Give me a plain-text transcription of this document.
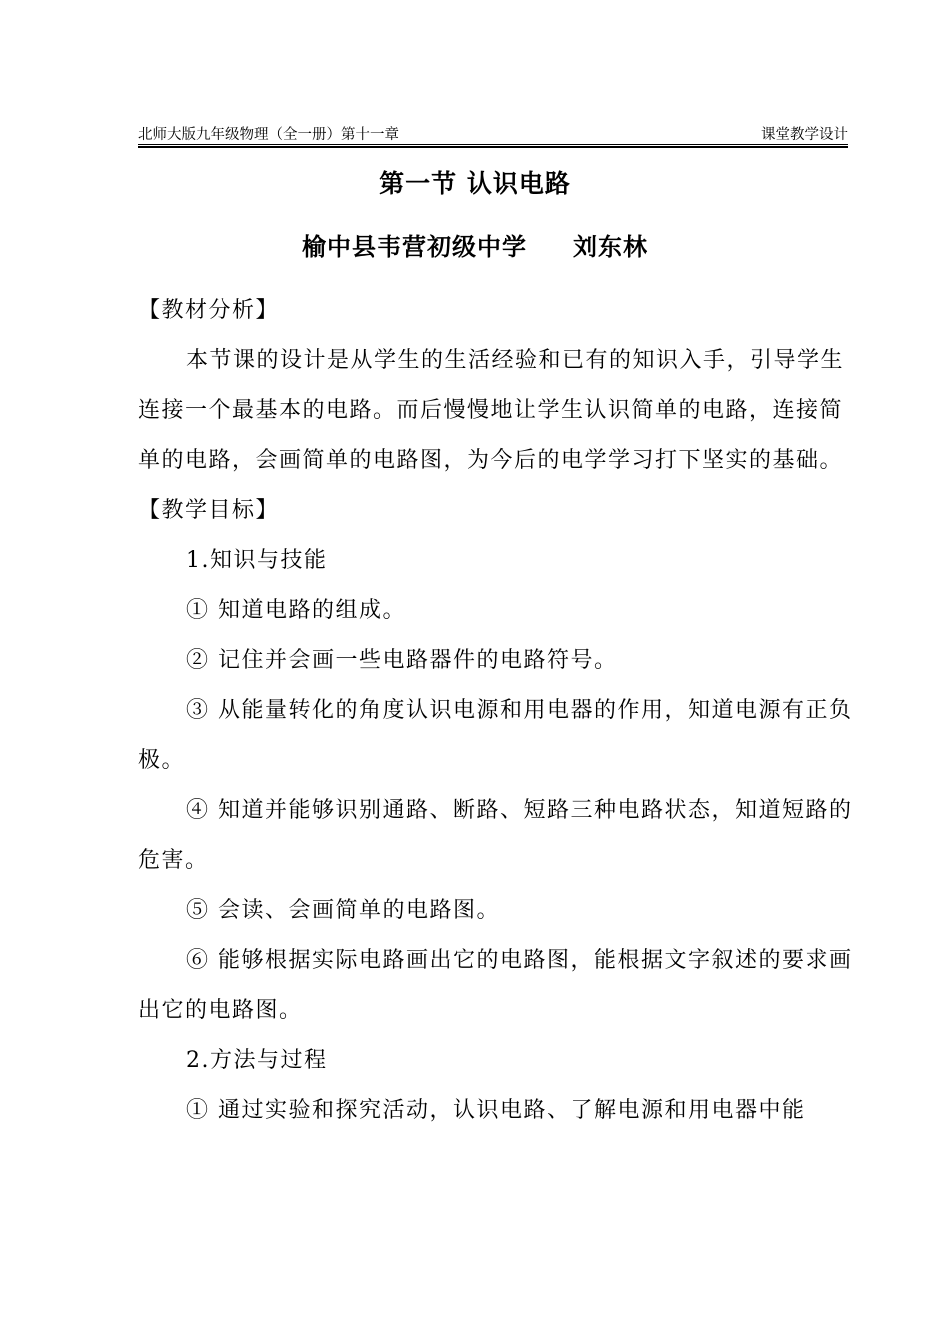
北师大版九年级物理（全一册）第十一章	课堂教学设计
第一节 认识电路
榆中县韦营初级中学 刘东林

【教材分析】

本节课的设计是从学生的生活经验和已有的知识入手，引导学生连接一个最基本的电路。而后慢慢地让学生认识简单的电路，连接简单的电路，会画简单的电路图，为今后的电学学习打下坚实的基础。

【教学目标】

1.知识与技能

① 知道电路的组成。

② 记住并会画一些电路器件的电路符号。

③ 从能量转化的角度认识电源和用电器的作用，知道电源有正负极。

④ 知道并能够识别通路、断路、短路三种电路状态，知道短路的危害。

⑤ 会读、会画简单的电路图。

⑥ 能够根据实际电路画出它的电路图，能根据文字叙述的要求画出它的电路图。

2.方法与过程

① 通过实验和探究活动，认识电路、了解电源和用电器中能
